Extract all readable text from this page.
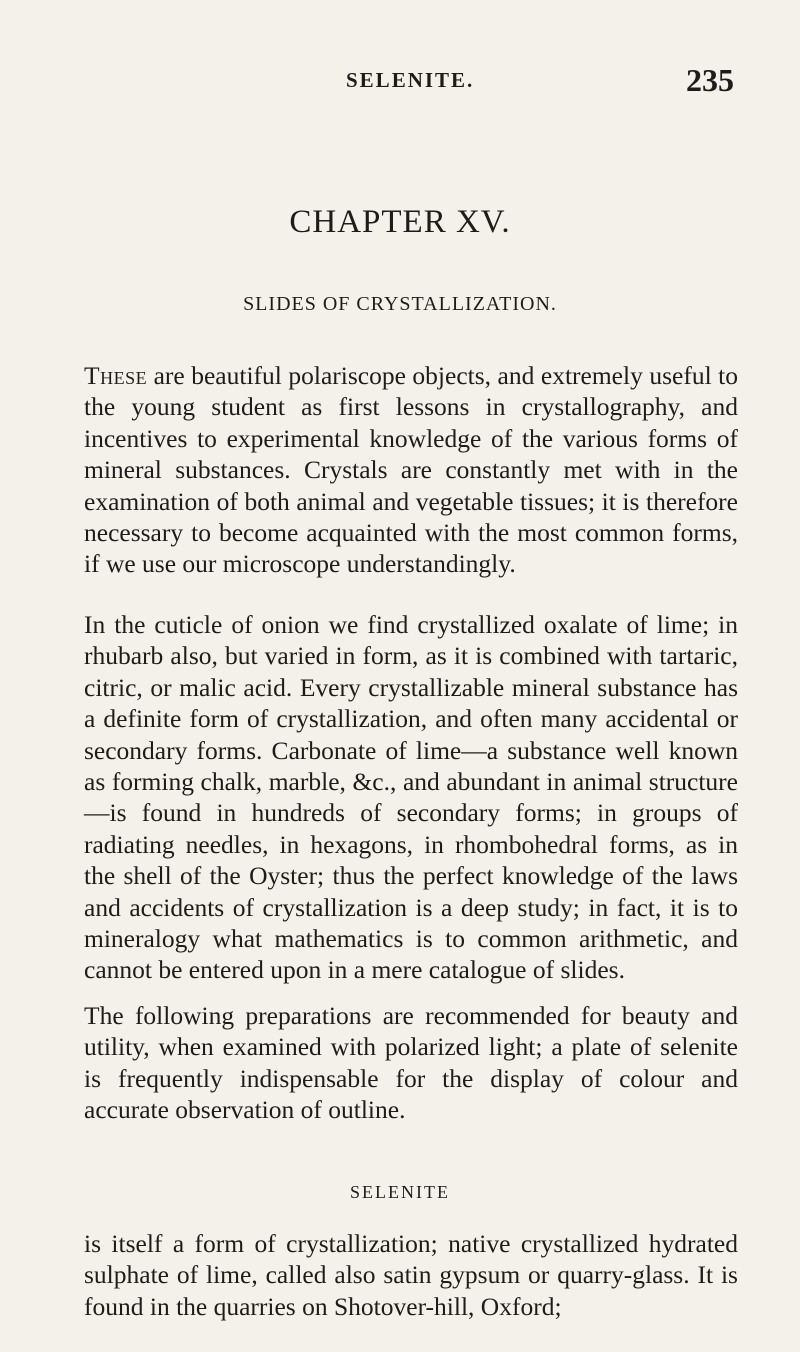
SELENITE.	235
CHAPTER XV.
SLIDES OF CRYSTALLIZATION.

These are beautiful polariscope objects, and extremely useful to the young student as first lessons in crystallography, and incentives to experimental knowledge of the various forms of mineral substances. Crystals are constantly met with in the examination of both animal and vegetable tissues; it is therefore necessary to become acquainted with the most common forms, if we use our microscope understandingly.

In the cuticle of onion we find crystallized oxalate of lime; in rhubarb also, but varied in form, as it is combined with tartaric, citric, or malic acid. Every crystallizable mineral substance has a definite form of crystallization, and often many accidental or secondary forms. Carbonate of lime—a substance well known as forming chalk, marble, &c., and abundant in animal structure—is found in hundreds of secondary forms; in groups of radiating needles, in hexagons, in rhombohedral forms, as in the shell of the Oyster; thus the perfect knowledge of the laws and accidents of crystallization is a deep study; in fact, it is to mineralogy what mathematics is to common arithmetic, and cannot be entered upon in a mere catalogue of slides.

The following preparations are recommended for beauty and utility, when examined with polarized light; a plate of selenite is frequently indispensable for the display of colour and accurate observation of outline.

SELENITE

is itself a form of crystallization; native crystallized hydrated sulphate of lime, called also satin gypsum or quarry-glass. It is found in the quarries on Shotover-hill, Oxford;
